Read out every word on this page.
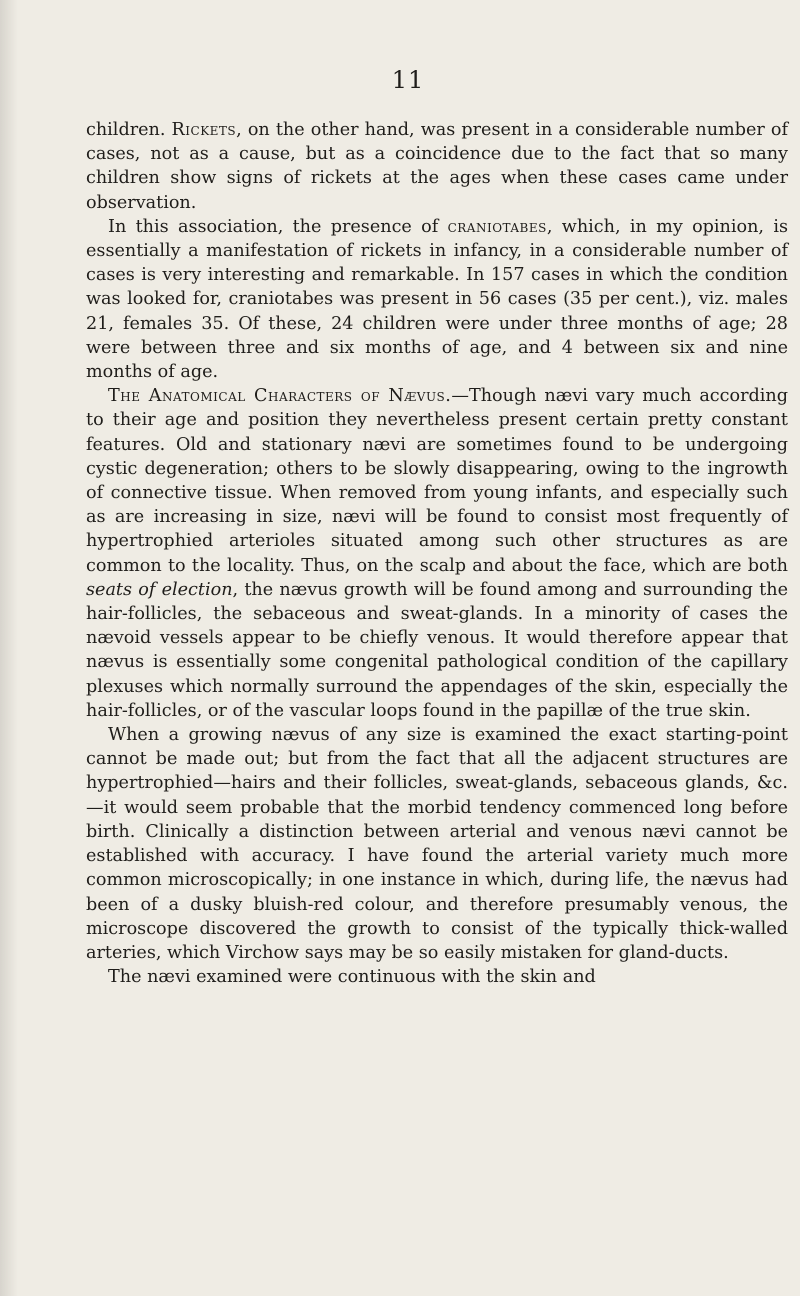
11

children. Rickets, on the other hand, was present in a considerable number of cases, not as a cause, but as a coincidence due to the fact that so many children show signs of rickets at the ages when these cases came under observation.

In this association, the presence of craniotabes, which, in my opinion, is essentially a manifestation of rickets in infancy, in a considerable number of cases is very interesting and remarkable. In 157 cases in which the condition was looked for, craniotabes was present in 56 cases (35 per cent.), viz. males 21, females 35. Of these, 24 children were under three months of age; 28 were between three and six months of age, and 4 between six and nine months of age.

The Anatomical Characters of Nævus.—Though nævi vary much according to their age and position they nevertheless present certain pretty constant features. Old and stationary nævi are sometimes found to be undergoing cystic degeneration; others to be slowly disappearing, owing to the ingrowth of connective tissue. When removed from young infants, and especially such as are increasing in size, nævi will be found to consist most frequently of hypertrophied arterioles situated among such other structures as are common to the locality. Thus, on the scalp and about the face, which are both seats of election, the nævus growth will be found among and surrounding the hair-follicles, the sebaceous and sweat-glands. In a minority of cases the nævoid vessels appear to be chiefly venous. It would therefore appear that nævus is essentially some congenital pathological condition of the capillary plexuses which normally surround the appendages of the skin, especially the hair-follicles, or of the vascular loops found in the papillæ of the true skin.

When a growing nævus of any size is examined the exact starting-point cannot be made out; but from the fact that all the adjacent structures are hypertrophied—hairs and their follicles, sweat-glands, sebaceous glands, &c.—it would seem probable that the morbid tendency commenced long before birth. Clinically a distinction between arterial and venous nævi cannot be established with accuracy. I have found the arterial variety much more common microscopically; in one instance in which, during life, the nævus had been of a dusky bluish-red colour, and therefore presumably venous, the microscope discovered the growth to consist of the typically thick-walled arteries, which Virchow says may be so easily mistaken for gland-ducts.

The nævi examined were continuous with the skin and
